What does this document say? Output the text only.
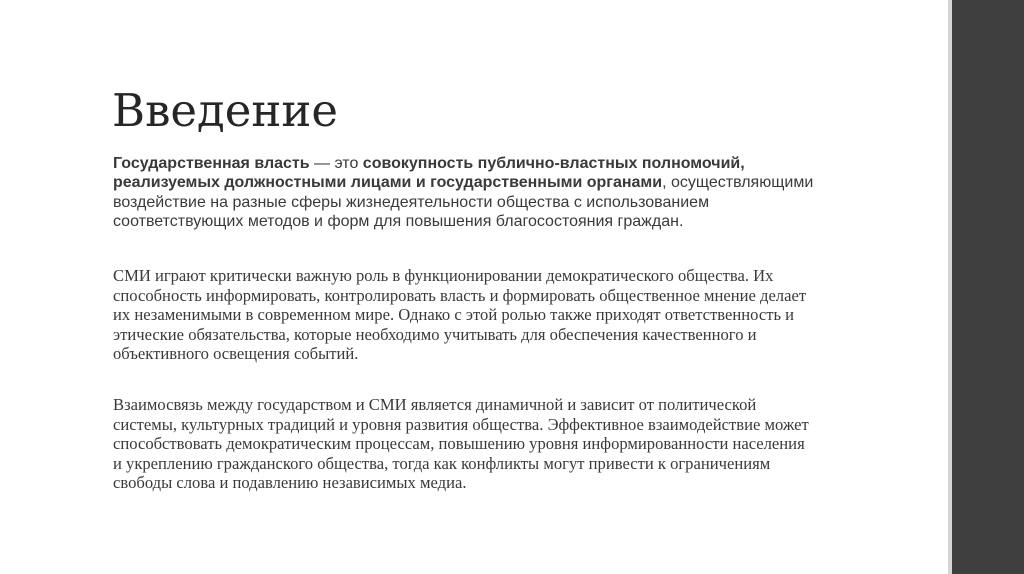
Введение

Государственная власть — это совокупность публично-властных полномочий, реализуемых должностными лицами и государственными органами, осуществляющими воздействие на разные сферы жизнедеятельности общества с использованием соответствующих методов и форм для повышения благосостояния граждан.

СМИ играют критически важную роль в функционировании демократического общества. Их способность информировать, контролировать власть и формировать общественное мнение делает их незаменимыми в современном мире. Однако с этой ролью также приходят ответственность и этические обязательства, которые необходимо учитывать для обеспечения качественного и объективного освещения событий.

Взаимосвязь между государством и СМИ является динамичной и зависит от политической системы, культурных традиций и уровня развития общества. Эффективное взаимодействие может способствовать демократическим процессам, повышению уровня информированности населения и укреплению гражданского общества, тогда как конфликты могут привести к ограничениям свободы слова и подавлению независимых медиа.
